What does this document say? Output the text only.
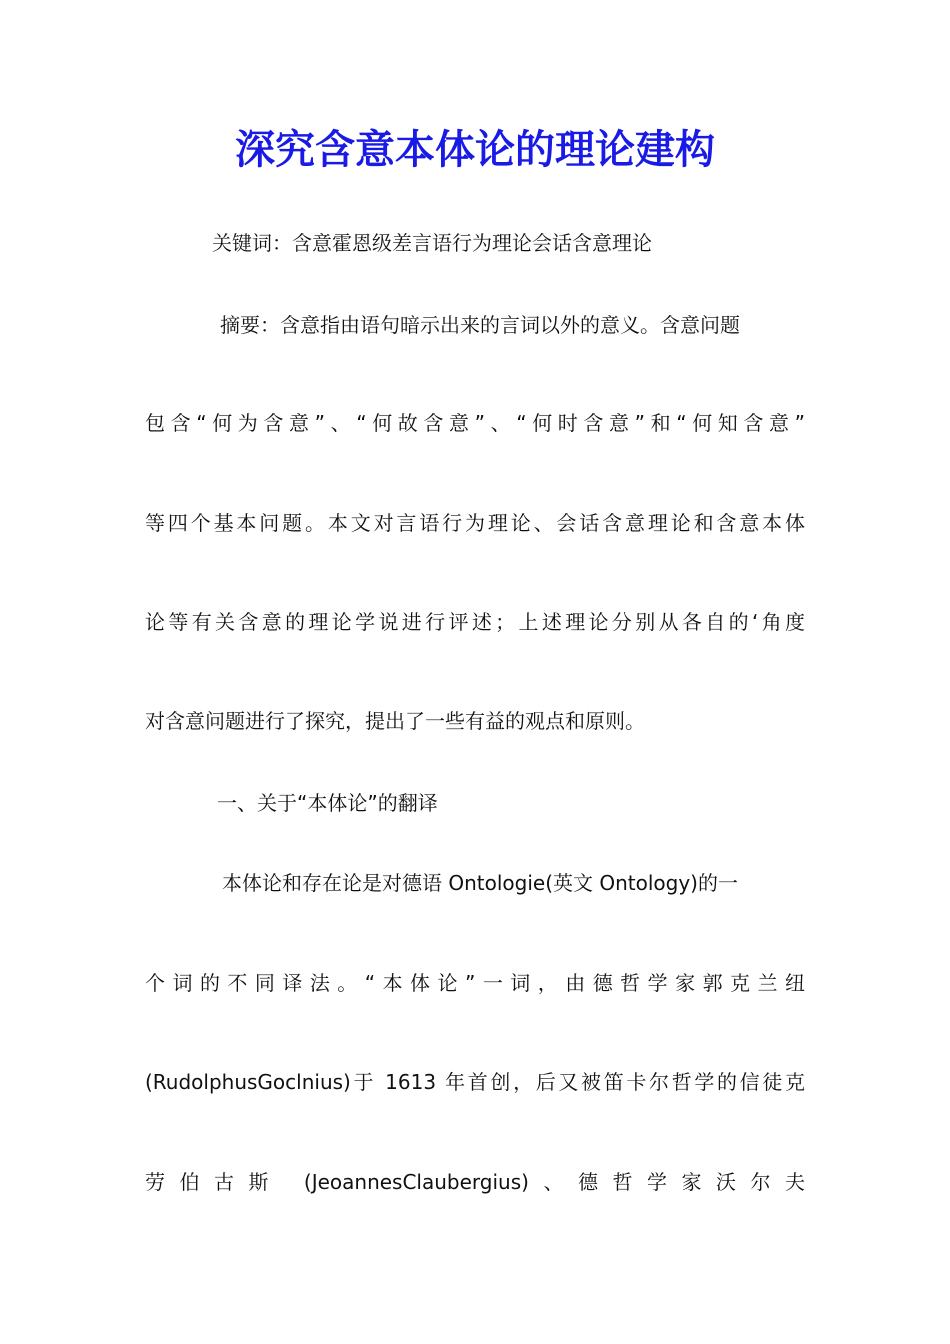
深究含意本体论的理论建构

关键词：含意霍恩级差言语行为理论会话含意理论

摘要：含意指由语句暗示出来的言词以外的意义。含意问题

包含“何为含意”、“何故含意”、“何时含意”和“何知含意”

等四个基本问题。本文对言语行为理论、会话含意理论和含意本体

论等有关含意的理论学说进行评述；上述理论分别从各自的‘角度

对含意问题进行了探究，提出了一些有益的观点和原则。

一、关于“本体论”的翻译

本体论和存在论是对德语 Ontologie(英文 Ontology)的一

个词的不同译法。“本体论”一词，由德哲学家郭克兰纽

(RudolphusGoclnius)于 1613 年首创，后又被笛卡尔哲学的信徒克

劳伯古斯 (JeoannesClaubergius)、德哲学家沃尔夫
